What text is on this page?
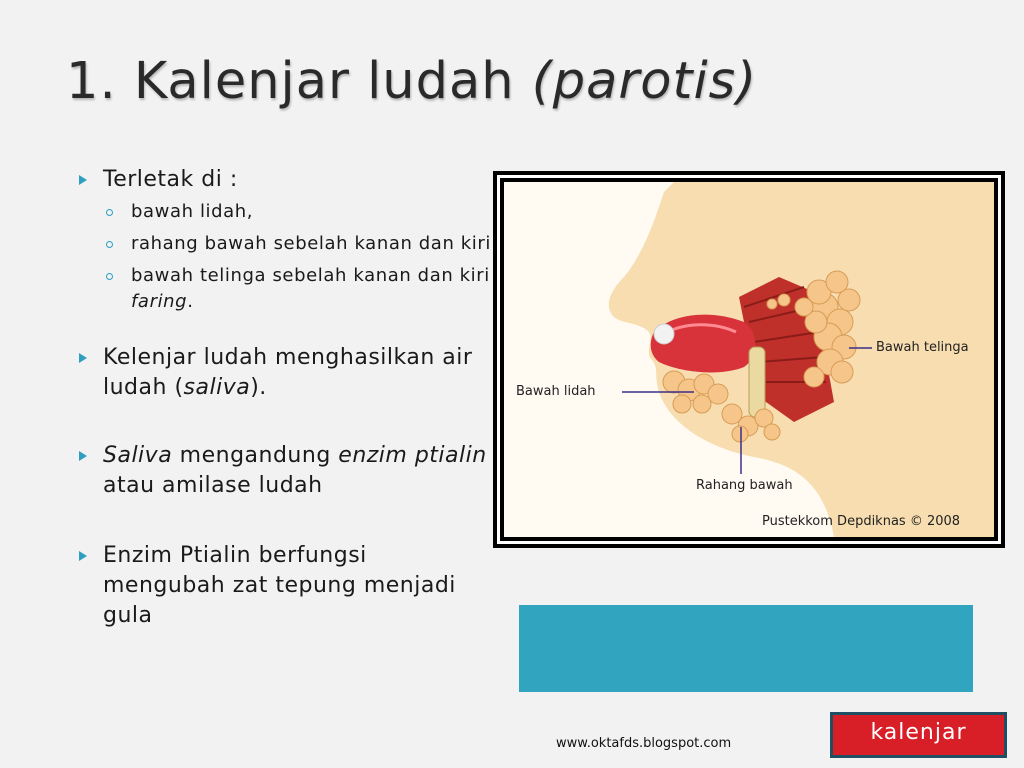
1. Kalenjar ludah (parotis)
Terletak di :
bawah lidah,
rahang bawah sebelah kanan dan kiri
bawah telinga sebelah kanan dan kiri faring.
Kelenjar ludah menghasilkan air ludah (saliva).
Saliva mengandung enzim ptialin atau amilase ludah
Enzim Ptialin berfungsi mengubah zat tepung menjadi gula
Bawah telinga
Bawah lidah
Rahang bawah
Pustekkom Depdiknas © 2008
www.oktafds.blogspot.com	kalenjar
